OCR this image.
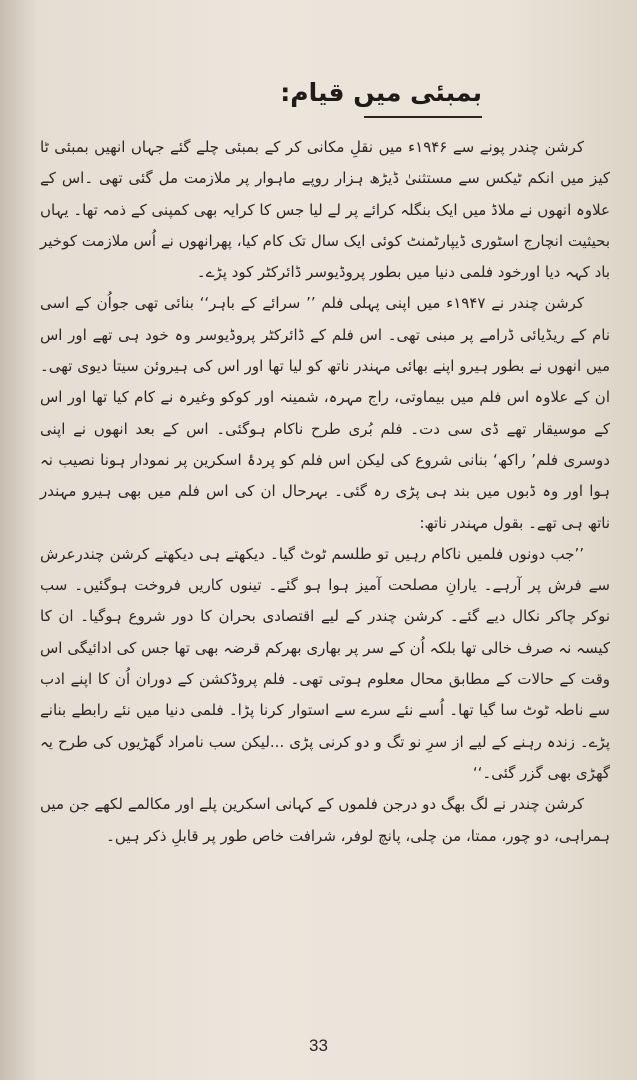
بمبئی میں قیام:

کرشن چندر پونے سے ۱۹۴۶ء میں نقلِ مکانی کر کے بمبئی چلے گئے جہاں انھیں بمبئی ٹا کیز میں انکم ٹیکس سے مستثنیٰ ڈیڑھ ہزار روپے ماہوار پر ملازمت مل گئی تھی ۔اس کے علاوہ انھوں نے ملاڈ میں ایک بنگلہ کرائے پر لے لیا جس کا کرایہ بھی کمپنی کے ذمہ تھا۔ یہاں بحیثیت انچارج اسٹوری ڈیپارٹمنٹ کوئی ایک سال تک کام کیا، پھرانھوں نے اُس ملازمت کوخیر باد کہہ دیا اورخود فلمی دنیا میں بطور پروڈیوسر ڈائرکٹر کود پڑے۔

کرشن چندر نے ۱۹۴۷ء میں اپنی پہلی فلم ’’ سرائے کے باہر‘‘ بنائی تھی جواُن کے اسی نام کے ریڈیائی ڈرامے پر مبنی تھی۔ اس فلم کے ڈائرکٹر پروڈیوسر وہ خود ہی تھے اور اس میں انھوں نے بطور ہیرو اپنے بھائی مہندر ناتھ کو لیا تھا اور اس کی ہیروئن سیتا دیوی تھی۔ ان کے علاوہ اس فلم میں بیماوتی، راج مہرہ، شمینہ اور کوکو وغیرہ نے کام کیا تھا اور اس کے موسیقار تھے ڈی سی دت۔ فلم بُری طرح ناکام ہوگئی۔ اس کے بعد انھوں نے اپنی دوسری فلم’ راکھ‘ بنانی شروع کی لیکن اس فلم کو پردۂ اسکرین پر نمودار ہونا نصیب نہ ہوا اور وہ ڈبوں میں بند ہی پڑی رہ گئی۔ بہرحال ان کی اس فلم میں بھی ہیرو مہندر ناتھ ہی تھے۔ بقول مہندر ناتھ:

’’جب دونوں فلمیں ناکام رہیں تو طلسم ٹوٹ گیا۔ دیکھتے ہی دیکھتے کرشن چندرعرش سے فرش پر آرہے۔ یارانِ مصلحت آمیز ہوا ہو گئے۔ تینوں کاریں فروخت ہوگئیں۔ سب نوکر چاکر نکال دیے گئے۔ کرشن چندر کے لیے اقتصادی بحران کا دور شروع ہوگیا۔ ان کا کیسہ نہ صرف خالی تھا بلکہ اُن کے سر پر بھاری بھرکم قرضہ بھی تھا جس کی ادائیگی اس وقت کے حالات کے مطابق محال معلوم ہوتی تھی۔ فلم پروڈکشن کے دوران اُن کا اپنے ادب سے ناطہ ٹوٹ سا گیا تھا۔ اُسے نئے سرے سے استوار کرنا پڑا۔ فلمی دنیا میں نئے رابطے بنانے پڑے۔ زندہ رہنے کے لیے از سرِ نو تگ و دو کرنی پڑی ...لیکن سب نامراد گھڑیوں کی طرح یہ گھڑی بھی گزر گئی۔‘‘

کرشن چندر نے لگ بھگ دو درجن فلموں کے کہانی اسکرین پلے اور مکالمے لکھے جن میں ہمراہی، دو چور، ممتا، من چلی، پانچ لوفر، شرافت خاص طور پر قابلِ ذکر ہیں۔

33
